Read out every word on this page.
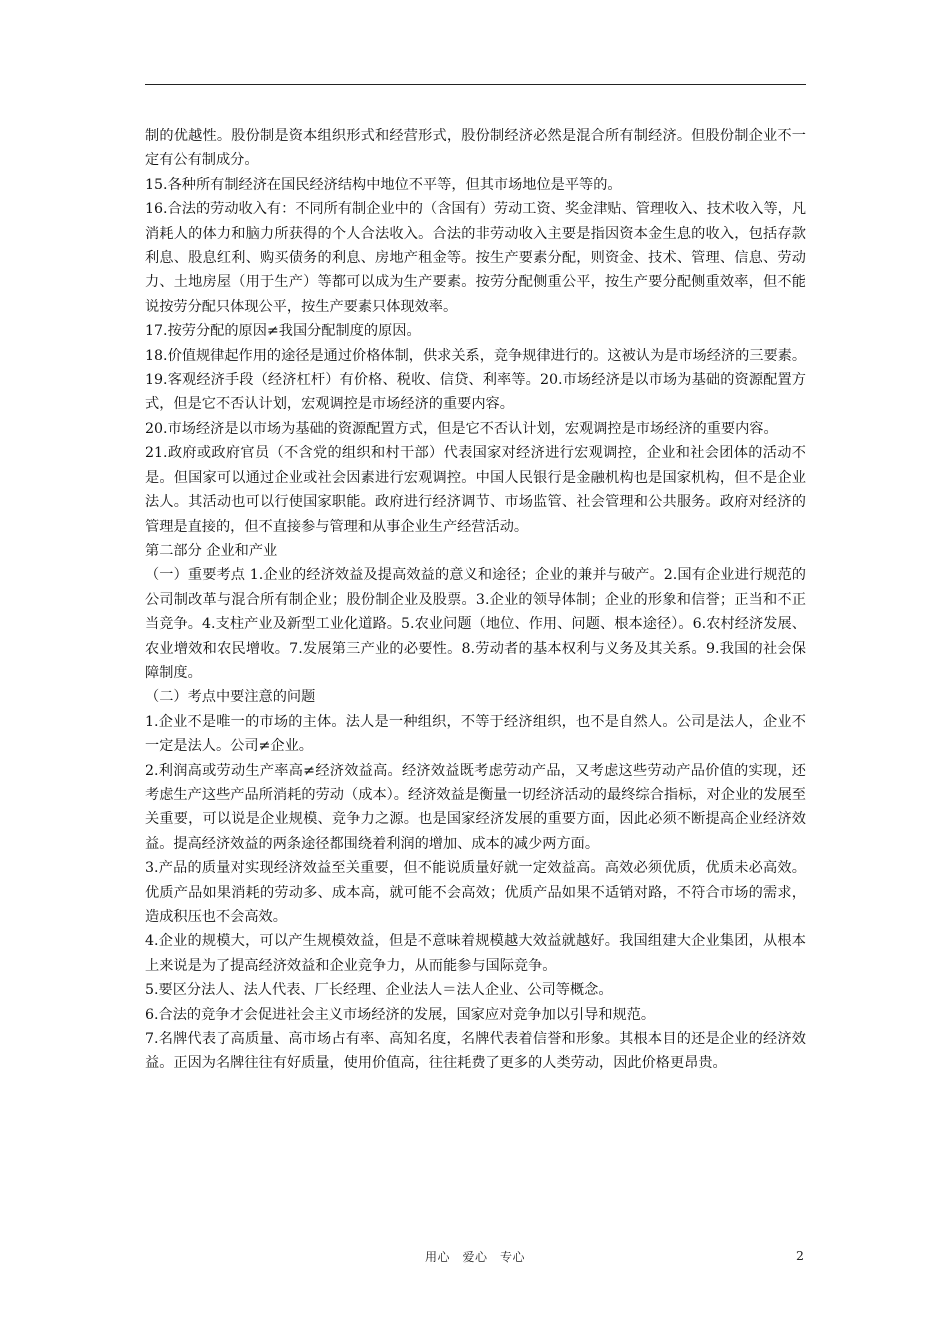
制的优越性。股份制是资本组织形式和经营形式，股份制经济必然是混合所有制经济。但股份制企业不一定有公有制成分。

15.各种所有制经济在国民经济结构中地位不平等，但其市场地位是平等的。

16.合法的劳动收入有：不同所有制企业中的（含国有）劳动工资、奖金津贴、管理收入、技术收入等，凡消耗人的体力和脑力所获得的个人合法收入。合法的非劳动收入主要是指因资本金生息的收入，包括存款利息、股息红利、购买债务的利息、房地产租金等。按生产要素分配，则资金、技术、管理、信息、劳动力、土地房屋（用于生产）等都可以成为生产要素。按劳分配侧重公平，按生产要分配侧重效率，但不能说按劳分配只体现公平，按生产要素只体现效率。

17.按劳分配的原因≠我国分配制度的原因。

18.价值规律起作用的途径是通过价格体制，供求关系，竞争规律进行的。这被认为是市场经济的三要素。

19.客观经济手段（经济杠杆）有价格、税收、信贷、利率等。20.市场经济是以市场为基础的资源配置方式，但是它不否认计划，宏观调控是市场经济的重要内容。

20.市场经济是以市场为基础的资源配置方式，但是它不否认计划，宏观调控是市场经济的重要内容。

21.政府或政府官员（不含党的组织和村干部）代表国家对经济进行宏观调控，企业和社会团体的活动不是。但国家可以通过企业或社会因素进行宏观调控。中国人民银行是金融机构也是国家机构，但不是企业法人。其活动也可以行使国家职能。政府进行经济调节、市场监管、社会管理和公共服务。政府对经济的管理是直接的，但不直接参与管理和从事企业生产经营活动。

第二部分 企业和产业

（一）重要考点 1.企业的经济效益及提高效益的意义和途径；企业的兼并与破产。2.国有企业进行规范的公司制改革与混合所有制企业；股份制企业及股票。3.企业的领导体制；企业的形象和信誉；正当和不正当竞争。4.支柱产业及新型工业化道路。5.农业问题（地位、作用、问题、根本途径）。6.农村经济发展、农业增效和农民增收。7.发展第三产业的必要性。8.劳动者的基本权利与义务及其关系。9.我国的社会保障制度。

（二）考点中要注意的问题

1.企业不是唯一的市场的主体。法人是一种组织，不等于经济组织，也不是自然人。公司是法人，企业不一定是法人。公司≠企业。

2.利润高或劳动生产率高≠经济效益高。经济效益既考虑劳动产品，又考虑这些劳动产品价值的实现，还考虑生产这些产品所消耗的劳动（成本）。经济效益是衡量一切经济活动的最终综合指标，对企业的发展至关重要，可以说是企业规模、竞争力之源。也是国家经济发展的重要方面，因此必须不断提高企业经济效益。提高经济效益的两条途径都围绕着利润的增加、成本的减少两方面。

3.产品的质量对实现经济效益至关重要，但不能说质量好就一定效益高。高效必须优质，优质未必高效。优质产品如果消耗的劳动多、成本高，就可能不会高效；优质产品如果不适销对路，不符合市场的需求，造成积压也不会高效。

4.企业的规模大，可以产生规模效益，但是不意味着规模越大效益就越好。我国组建大企业集团，从根本上来说是为了提高经济效益和企业竞争力，从而能参与国际竞争。

5.要区分法人、法人代表、厂长经理、企业法人＝法人企业、公司等概念。

6.合法的竞争才会促进社会主义市场经济的发展，国家应对竞争加以引导和规范。

7.名牌代表了高质量、高市场占有率、高知名度，名牌代表着信誉和形象。其根本目的还是企业的经济效益。正因为名牌往往有好质量，使用价值高，往往耗费了更多的人类劳动，因此价格更昂贵。

用心　爱心　专心	2
